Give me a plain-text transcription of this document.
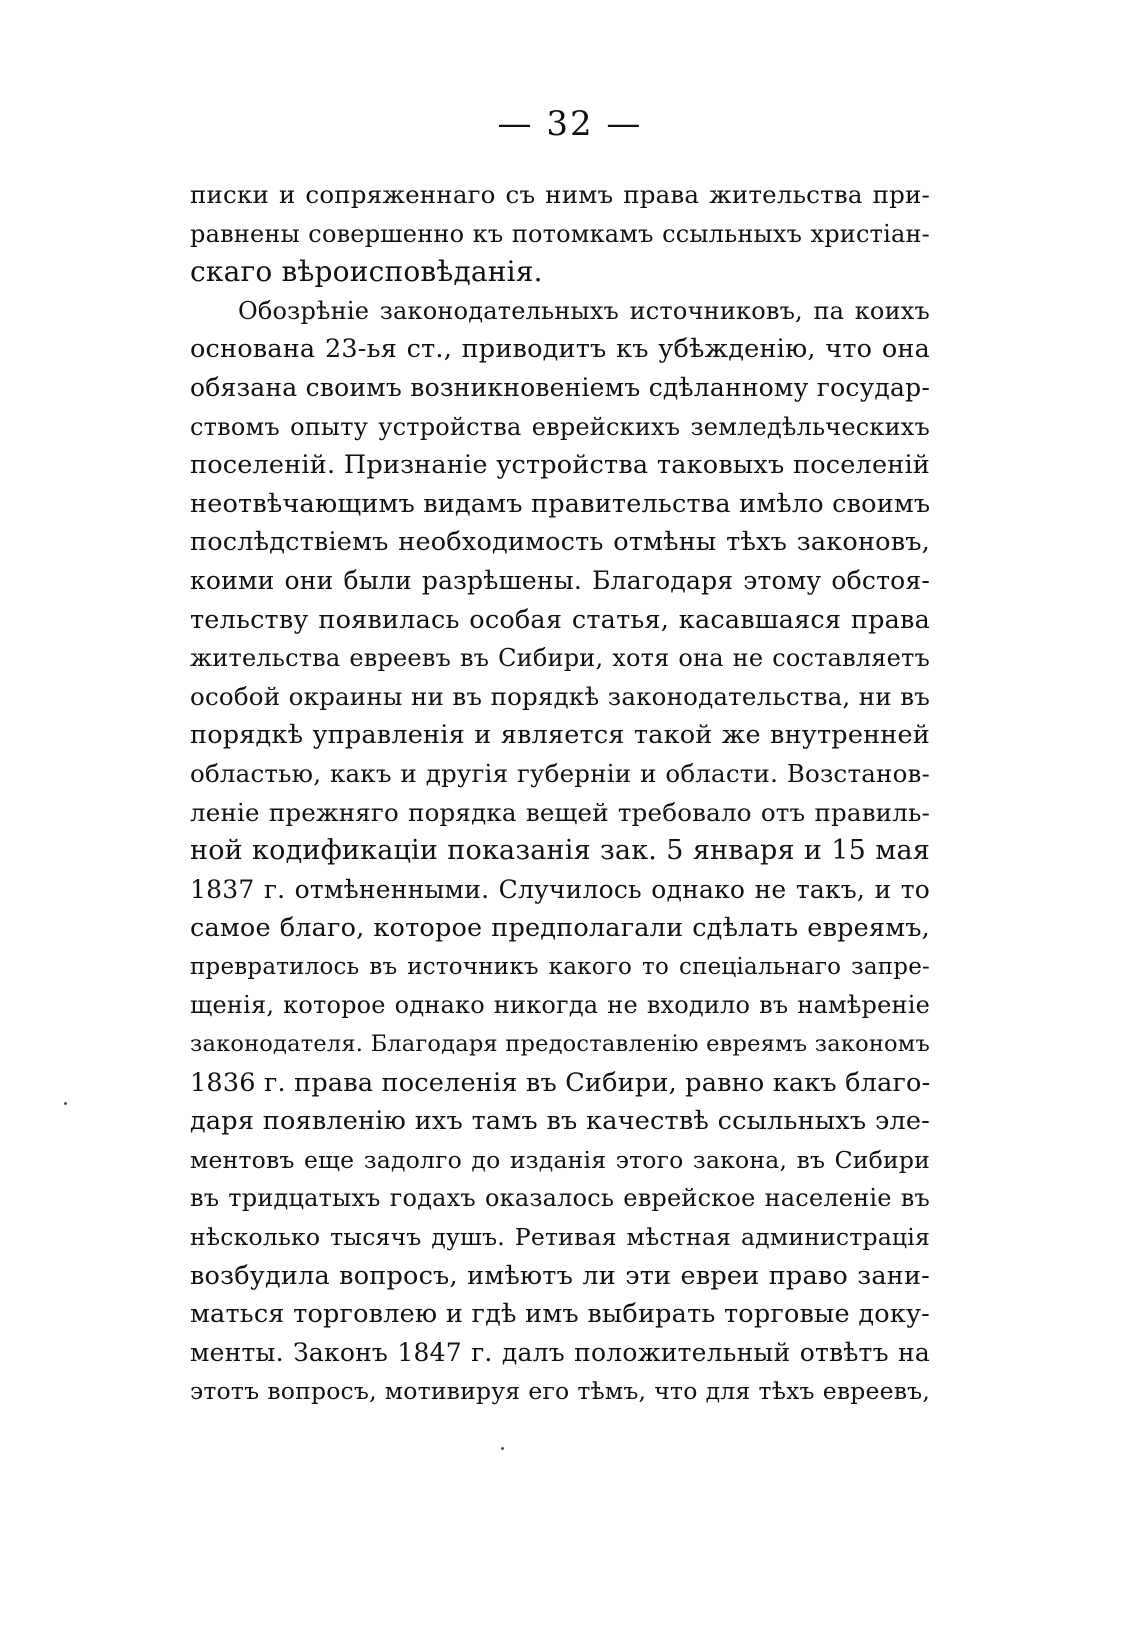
— 32 —
писки и сопряженнаго съ нимъ права жительства при-
равнены совершенно къ потомкамъ ссыльныхъ христіан-
скаго вѣроисповѣданія.
Обозрѣніе законодательныхъ источниковъ, па коихъ
основана 23-ья ст., приводитъ къ убѣжденію, что она
обязана своимъ возникновеніемъ сдѣланному государ-
ствомъ опыту устройства еврейскихъ земледѣльческихъ
поселеній. Признаніе устройства таковыхъ поселеній
неотвѣчающимъ видамъ правительства имѣло своимъ
послѣдствіемъ необходимость отмѣны тѣхъ законовъ,
коими они были разрѣшены. Благодаря этому обстоя-
тельству появилась особая статья, касавшаяся права
жительства евреевъ въ Сибири, хотя она не составляетъ
особой окраины ни въ порядкѣ законодательства, ни въ
порядкѣ управленія и является такой же внутренней
областью, какъ и другія губерніи и области. Возстанов-
леніе прежняго порядка вещей требовало отъ правиль-
ной кодификаціи показанія зак. 5 января и 15 мая
1837 г. отмѣненными. Случилось однако не такъ, и то
самое благо, которое предполагали сдѣлать евреямъ,
превратилось въ источникъ какого то спеціальнаго запре-
щенія, которое однако никогда не входило въ намѣреніе
законодателя. Благодаря предоставленію евреямъ закономъ
1836 г. права поселенія въ Сибири, равно какъ благо-
даря появленію ихъ тамъ въ качествѣ ссыльныхъ эле-
ментовъ еще задолго до изданія этого закона, въ Сибири
въ тридцатыхъ годахъ оказалось еврейское населеніе въ
нѣсколько тысячъ душъ. Ретивая мѣстная администрація
возбудила вопросъ, имѣютъ ли эти евреи право зани-
маться торговлею и гдѣ имъ выбирать торговые доку-
менты. Законъ 1847 г. далъ положительный отвѣтъ на
этотъ вопросъ, мотивируя его тѣмъ, что для тѣхъ евреевъ,
